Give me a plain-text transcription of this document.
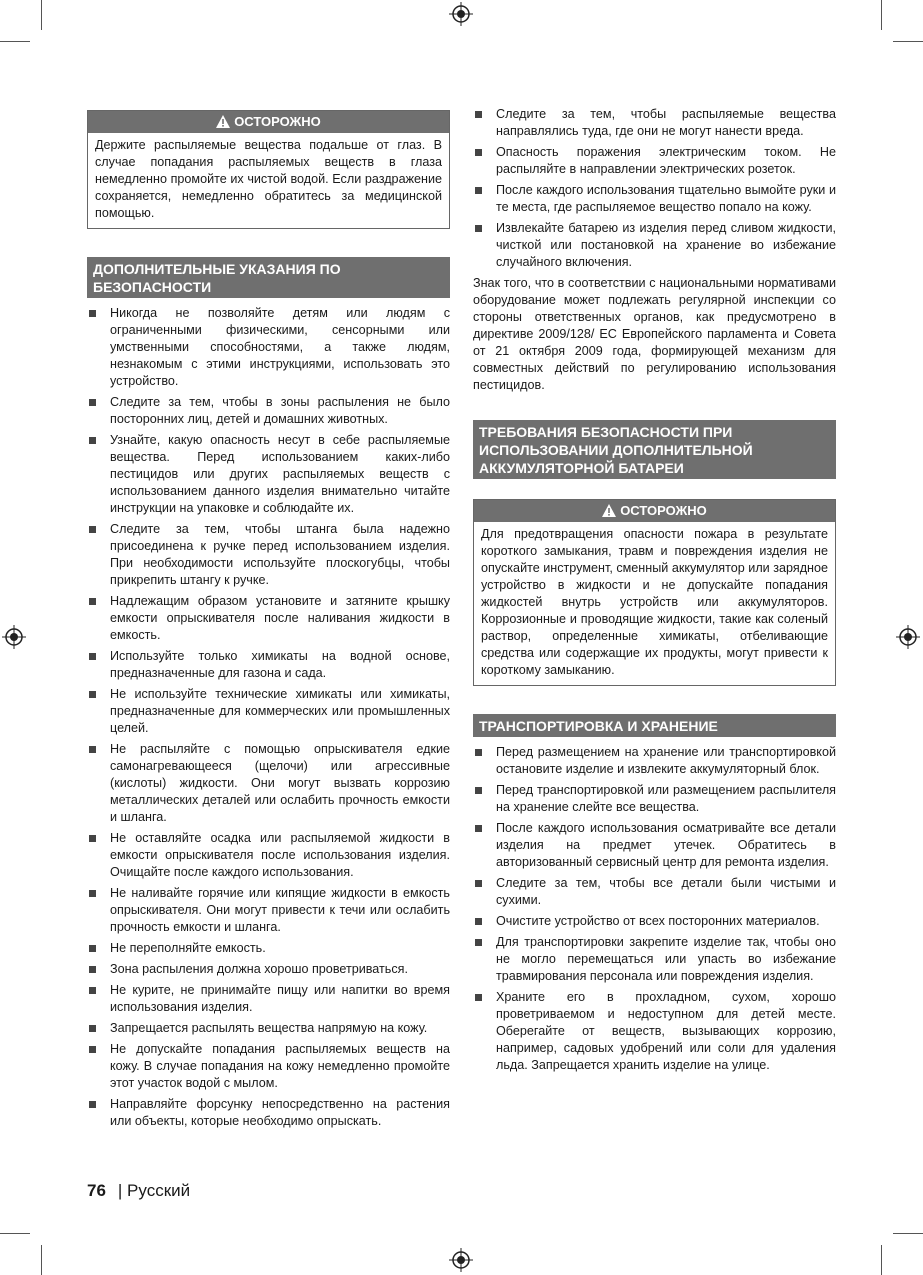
ОСТОРОЖНО
Держите распыляемые вещества подальше от глаз. В случае попадания распыляемых веществ в глаза немедленно промойте их чистой водой. Если раздражение сохраняется, немедленно обратитесь за медицинской помощью.
ДОПОЛНИТЕЛЬНЫЕ УКАЗАНИЯ ПО БЕЗОПАСНОСТИ
Никогда не позволяйте детям или людям с ограниченными физическими, сенсорными или умственными способностями, а также людям, незнакомым с этими инструкциями, использовать это устройство.
Следите за тем, чтобы в зоны распыления не было посторонних лиц, детей и домашних животных.
Узнайте, какую опасность несут в себе распыляемые вещества. Перед использованием каких-либо пестицидов или других распыляемых веществ с использованием данного изделия внимательно читайте инструкции на упаковке и соблюдайте их.
Следите за тем, чтобы штанга была надежно присоединена к ручке перед использованием изделия. При необходимости используйте плоскогубцы, чтобы прикрепить штангу к ручке.
Надлежащим образом установите и затяните крышку емкости опрыскивателя после наливания жидкости в емкость.
Используйте только химикаты на водной основе, предназначенные для газона и сада.
Не используйте технические химикаты или химикаты, предназначенные для коммерческих или промышленных целей.
Не распыляйте с помощью опрыскивателя едкие самонагревающееся (щелочи) или агрессивные (кислоты) жидкости. Они могут вызвать коррозию металлических деталей или ослабить прочность емкости и шланга.
Не оставляйте осадка или распыляемой жидкости в емкости опрыскивателя после использования изделия. Очищайте после каждого использования.
Не наливайте горячие или кипящие жидкости в емкость опрыскивателя. Они могут привести к течи или ослабить прочность емкости и шланга.
Не переполняйте емкость.
Зона распыления должна хорошо проветриваться.
Не курите, не принимайте пищу или напитки во время использования изделия.
Запрещается распылять вещества напрямую на кожу.
Не допускайте попадания распыляемых веществ на кожу. В случае попадания на кожу немедленно промойте этот участок водой с мылом.
Направляйте форсунку непосредственно на растения или объекты, которые необходимо опрыскать.
Следите за тем, чтобы распыляемые вещества направлялись туда, где они не могут нанести вреда.
Опасность поражения электрическим током. Не распыляйте в направлении электрических розеток.
После каждого использования тщательно вымойте руки и те места, где распыляемое вещество попало на кожу.
Извлекайте батарею из изделия перед сливом жидкости, чисткой или постановкой на хранение во избежание случайного включения.

Знак того, что в соответствии с национальными нормативами оборудование может подлежать регулярной инспекции со стороны ответственных органов, как предусмотрено в директиве 2009/128/ ЕС Европейского парламента и Совета от 21 октября 2009 года, формирующей механизм для совместных действий по регулированию использования пестицидов.

ТРЕБОВАНИЯ БЕЗОПАСНОСТИ ПРИ ИСПОЛЬЗОВАНИИ ДОПОЛНИТЕЛЬНОЙ АККУМУЛЯТОРНОЙ БАТАРЕИ
ОСТОРОЖНО
Для предотвращения опасности пожара в результате короткого замыкания, травм и повреждения изделия не опускайте инструмент, сменный аккумулятор или зарядное устройство в жидкости и не допускайте попадания жидкостей внутрь устройств или аккумуляторов. Коррозионные и проводящие жидкости, такие как соленый раствор, определенные химикаты, отбеливающие средства или содержащие их продукты, могут привести к короткому замыканию.
ТРАНСПОРТИРОВКА И ХРАНЕНИЕ
Перед размещением на хранение или транспортировкой остановите изделие и извлеките аккумуляторный блок.
Перед транспортировкой или размещением распылителя на хранение слейте все вещества.
После каждого использования осматривайте все детали изделия на предмет утечек. Обратитесь в авторизованный сервисный центр для ремонта изделия.
Следите за тем, чтобы все детали были чистыми и сухими.
Очистите устройство от всех посторонних материалов.
Для транспортировки закрепите изделие так, чтобы оно не могло перемещаться или упасть во избежание травмирования персонала или повреждения изделия.
Храните его в прохладном, сухом, хорошо проветриваемом и недоступном для детей месте. Оберегайте от веществ, вызывающих коррозию, например, садовых удобрений или соли для удаления льда. Запрещается хранить изделие на улице.
76 | Русский
